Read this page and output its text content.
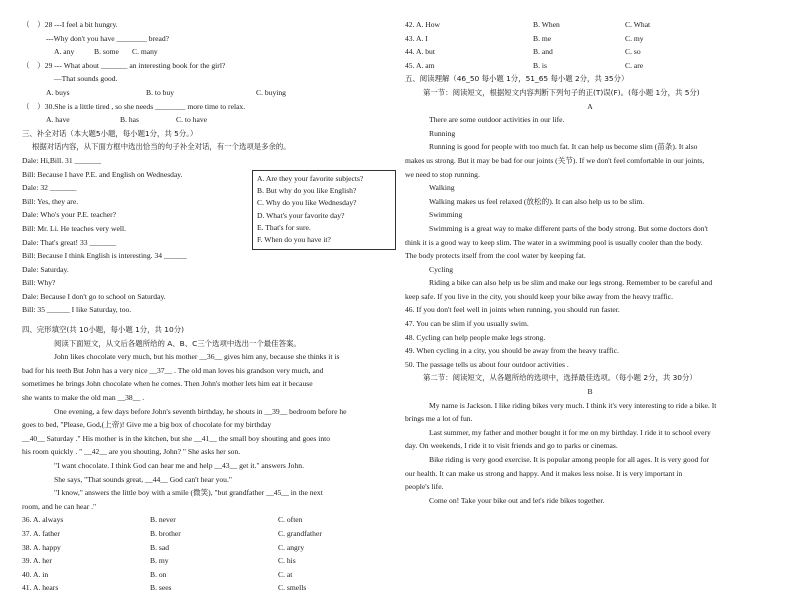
（　）28 ---I feel a bit hungry.
---Why don't you have ________ bread?
A. any	B. some	C. many
（　）29 --- What about _______ an interesting book for the girl?
—That sounds good.
A. buys	B. to buy	C. buying
（　）30.She is a little tired , so she needs ________ more time to relax.
A. have	B. has	C. to have
三、补全对话（本大题5小题，每小题1分，共 5分。）
根据对话内容，从下面方框中选出恰当的句子补全对话，有一个选项是多余的。
Dale: Hi,Bill. 31 _______
Bill: Because I have P.E. and English on Wednesday.
Dale: 32 _______
Bill: Yes, they are.
Dale: Who's your P.E. teacher?
Bill: Mr. Li. He teaches very well.
Dale: That's great! 33 _______
Bill: Because I think English is interesting. 34 ______
Dale: Saturday.
Bill: Why?
Dale: Because I don't go to school on Saturday.
Bill: 35 ______ I like Saturday, too.
A. Are they your favorite subjects?
B. But why do you like English?
C. Why do you like Wednesday?
D. What's your favorite day?
E. That's for sure.
F. When do you have it?
四、完形填空(共 10小题，每小题 1分，共 10分)
阅读下面短文，从文后各题所给的 A、B、C三个选项中选出一个最佳答案。
John likes chocolate very much, but his mother __36__ gives him any, because she thinks it is
bad for his teeth But John has a very nice __37__ . The old man loves his grandson very much, and
sometimes he brings John chocolate when he comes. Then John's mother lets him eat it because
she wants to make the old man __38__ .
One evening, a few days before John's seventh birthday, he shouts in __39__ bedroom before he
goes to bed, "Please, God,(上帝)! Give me a big box of chocolate for my birthday
__40__ Saturday ." His mother is in the kitchen, but she __41__ the small boy shouting and goes into
his room quickly . " __42__ are you shouting, John? " She asks her son.
"I want chocolate. I think God can hear me and help __43__ get it." answers John.
She says, "That sounds great, __44__ God can't hear you."
"I know," answers the little boy with a smile (微笑), "but grandfather __45__ in the next
room, and he can hear ."
36. A. always	B. never	C. often
37. A. father	B. brother	C. grandfather
38. A. happy	B. sad	C. angry
39. A. her	B. my	C. his
40. A. in	B. on	C. at
41. A. hears	B. sees	C. smells
42. A. How	B. When	C. What
43. A. I	B. me	C. my
44. A. but	B. and	C. so
45. A. am	B. is	C. are
五、阅读理解（46_50 每小题 1分，51_65 每小题 2分，共 35分）
第一节：阅读短文，根据短文内容判断下列句子的正(T)误(F)。(每小题 1分，共 5分)
A
There are some outdoor activities in our life.
Running
Running is good for people with too much fat. It can help us become slim (苗条). It also
makes us strong. But it may be bad for our joints (关节). If we don't feel comfortable in our joints,
we need to stop running.
Walking
Walking makes us feel relaxed (放松的). It can also help us to be slim.
Swimming
Swimming is a great way to make different parts of the body strong. But some doctors don't
think it is a good way to keep slim. The water in a swimming pool is usually cooler than the body.
The body protects itself from the cool water by keeping fat.
Cycling
Riding a bike can also help us be slim and make our legs strong. Remember to be careful and
keep safe. If you live in the city, you should keep your bike away from the heavy traffic.
46. If you don't feel well in joints when running, you should run faster.
47. You can be slim if you usually swim.
48. Cycling can help people make legs strong.
49. When cycling in a city, you should be away from the heavy traffic.
50. The passage tells us about four outdoor activities .
第二节：阅读短文，从各题所给的选项中，选择最佳选项。（每小题 2分，共 30分）
B
My name is Jackson. I like riding bikes very much. I think it's very interesting to ride a bike. It
brings me a lot of fun.
Last summer, my father and mother bought it for me on my birthday. I ride it to school every
day. On weekends, I ride it to visit friends and go to parks or cinemas.
Bike riding is very good exercise. It is popular among people for all ages. It is very good for
our health. It can make us strong and happy. And it makes less noise. It is very important in
people's life.
Come on! Take your bike out and let's ride bikes together.
